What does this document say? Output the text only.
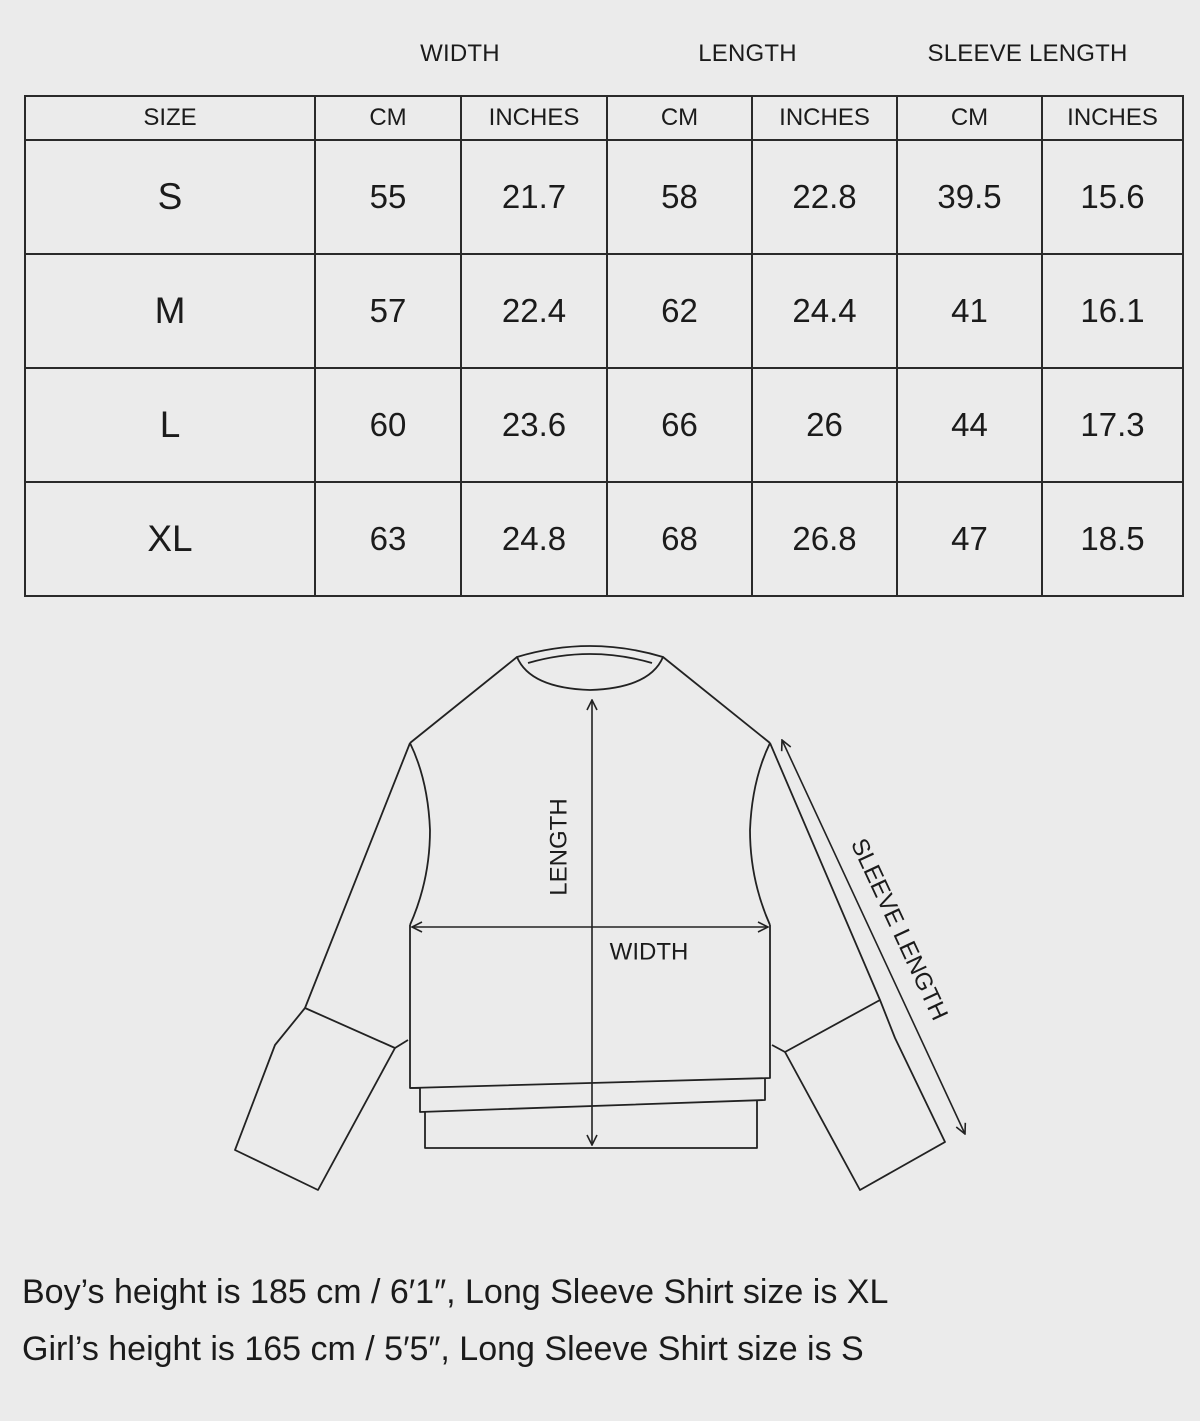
WIDTH	LENGTH	SLEEVE LENGTH
SIZE	CM	INCHES	CM	INCHES	CM	INCHES
S	55	21.7	58	22.8	39.5	15.6
M	57	22.4	62	24.4	41	16.1
L	60	23.6	66	26	44	17.3
XL	63	24.8	68	26.8	47	18.5
LENGTH
WIDTH	SLEEVE LENGTH
Boy’s height is 185 cm / 6′1″, Long Sleeve Shirt size is XL
Girl’s height is 165 cm / 5′5″, Long Sleeve Shirt size is S
